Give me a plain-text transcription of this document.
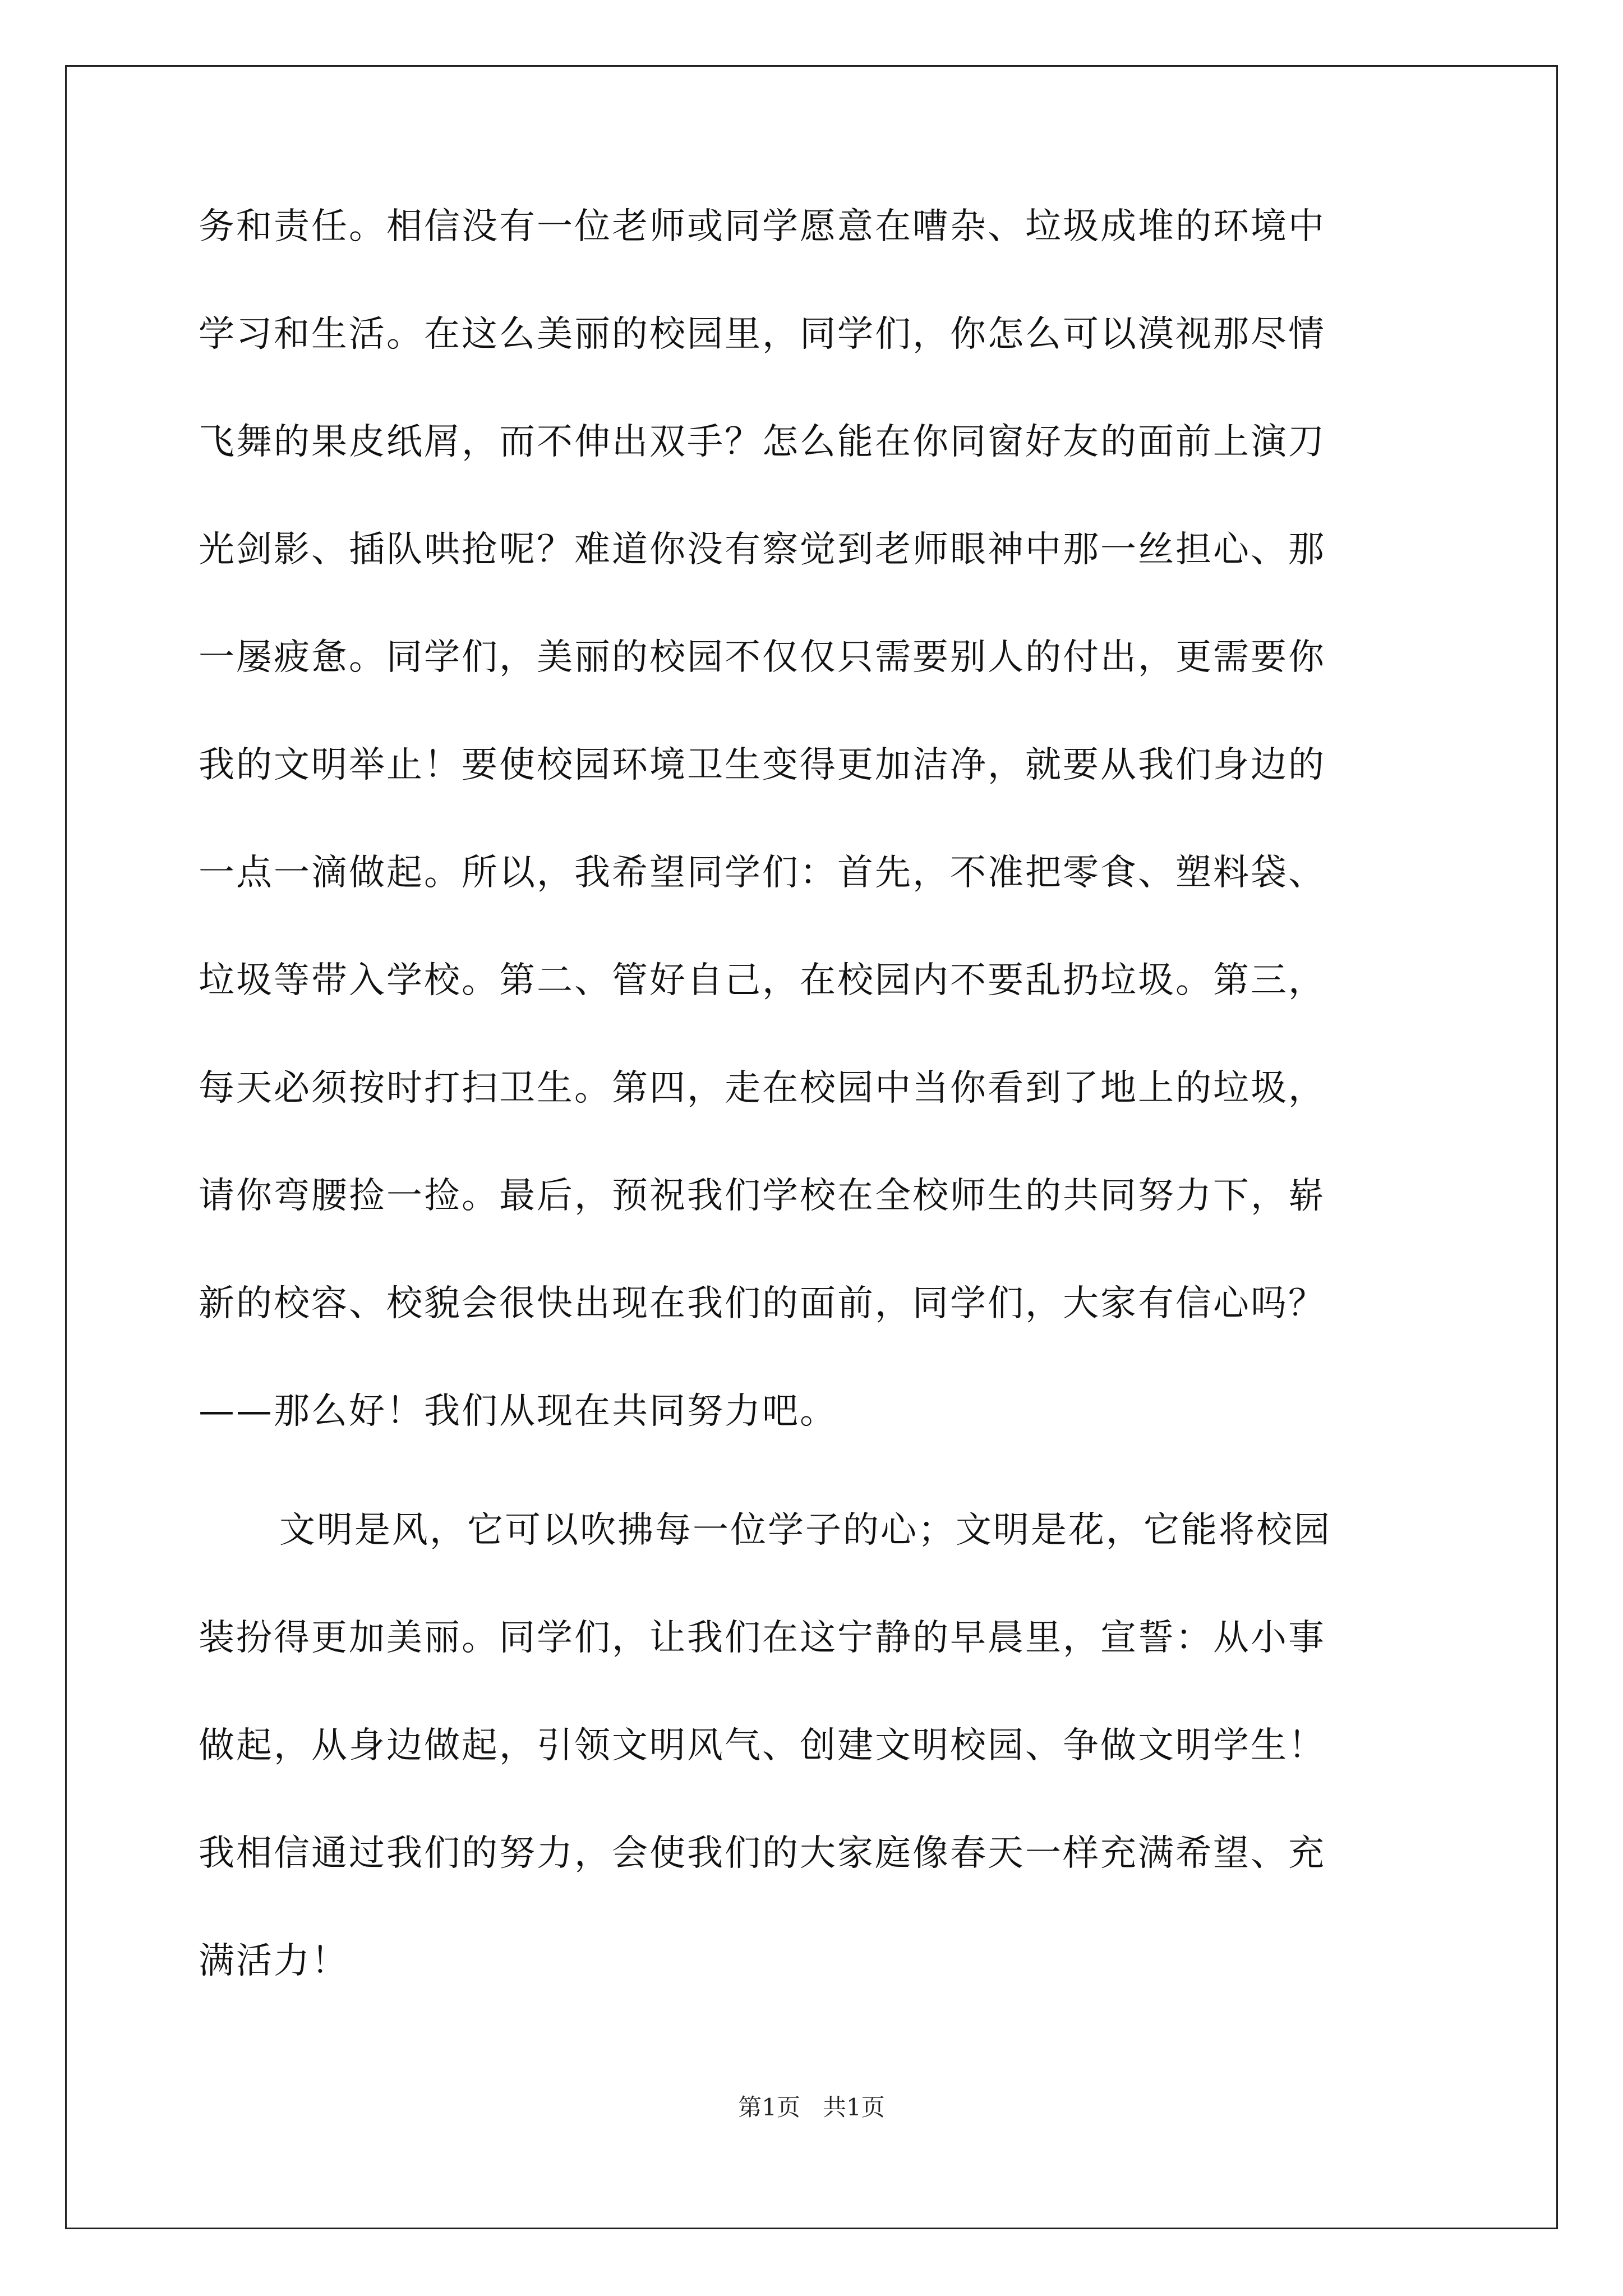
务和责任。相信没有一位老师或同学愿意在嘈杂、垃圾成堆的环境中
学习和生活。在这么美丽的校园里，同学们，你怎么可以漠视那尽情
飞舞的果皮纸屑，而不伸出双手？怎么能在你同窗好友的面前上演刀
光剑影、插队哄抢呢？难道你没有察觉到老师眼神中那一丝担心、那
一屡疲惫。同学们，美丽的校园不仅仅只需要别人的付出，更需要你
我的文明举止！要使校园环境卫生变得更加洁净，就要从我们身边的
一点一滴做起。所以，我希望同学们：首先，不准把零食、塑料袋、
垃圾等带入学校。第二、管好自己，在校园内不要乱扔垃圾。第三，
每天必须按时打扫卫生。第四，走在校园中当你看到了地上的垃圾，
请你弯腰捡一捡。最后，预祝我们学校在全校师生的共同努力下，崭
新的校容、校貌会很快出现在我们的面前，同学们，大家有信心吗？
——那么好！我们从现在共同努力吧。
文明是风，它可以吹拂每一位学子的心；文明是花，它能将校园
装扮得更加美丽。同学们，让我们在这宁静的早晨里，宣誓：从小事
做起，从身边做起，引领文明风气、创建文明校园、争做文明学生！
我相信通过我们的努力，会使我们的大家庭像春天一样充满希望、充
满活力！
第1页 共1页
